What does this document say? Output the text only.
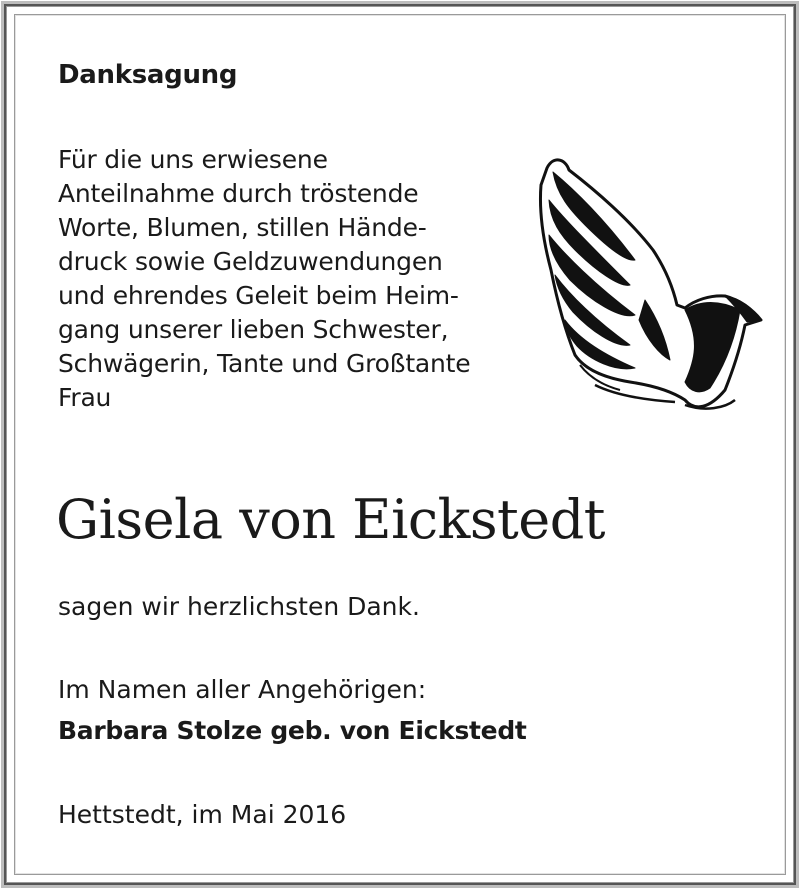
Danksagung
Für die uns erwiesene
Anteilnahme durch tröstende
Worte, Blumen, stillen Hände-
druck sowie Geldzuwendungen
und ehrendes Geleit beim Heim-
gang unserer lieben Schwester,
Schwägerin, Tante und Großtante
Frau
Gisela von Eickstedt

sagen wir herzlichsten Dank.

Im Namen aller Angehörigen:

Barbara Stolze geb. von Eickstedt

Hettstedt, im Mai 2016
